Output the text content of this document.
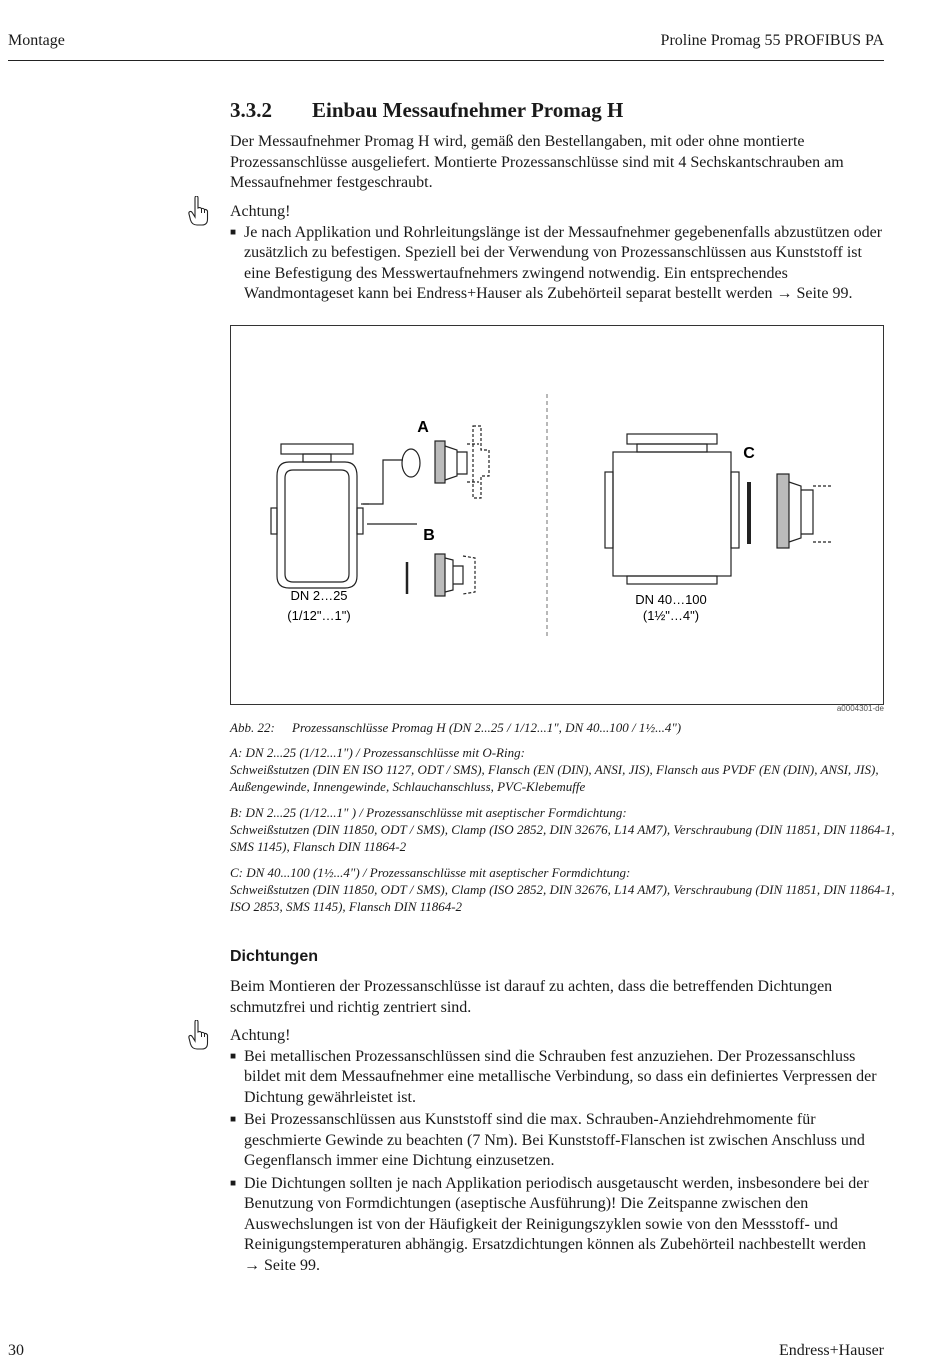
Montage	Proline Promag 55 PROFIBUS PA
3.3.2 Einbau Messaufnehmer Promag H
Der Messaufnehmer Promag H wird, gemäß den Bestellangaben, mit oder ohne montierte Prozessanschlüsse ausgeliefert. Montierte Prozessanschlüsse sind mit 4 Sechskantschrauben am Messaufnehmer festgeschraubt.
Achtung!
■ Je nach Applikation und Rohrleitungslänge ist der Messaufnehmer gegebenenfalls abzustützen oder zusätzlich zu befestigen. Speziell bei der Verwendung von Prozessanschlüssen aus Kunststoff ist eine Befestigung des Messwertaufnehmers zwingend notwendig. Ein entsprechendes Wandmontageset kann bei Endress+Hauser als Zubehörteil separat bestellt werden → Seite 99.
A
B
C
DN 2…25
(1/12"…1")
DN 40…100
(1½"…4")
a0004301-de
Abb. 22: Prozessanschlüsse Promag H (DN 2...25 / 1/12...1", DN 40...100 / 1½...4")
A: DN 2...25 (1/12...1") / Prozessanschlüsse mit O-Ring:
Schweißstutzen (DIN EN ISO 1127, ODT / SMS), Flansch (EN (DIN), ANSI, JIS), Flansch aus PVDF (EN (DIN), ANSI, JIS), Außengewinde, Innengewinde, Schlauchanschluss, PVC-Klebemuffe
B: DN 2...25 (1/12...1" ) / Prozessanschlüsse mit aseptischer Formdichtung:
Schweißstutzen (DIN 11850, ODT / SMS), Clamp (ISO 2852, DIN 32676, L14 AM7), Verschraubung (DIN 11851, DIN 11864-1, SMS 1145), Flansch DIN 11864-2
C: DN 40...100 (1½...4") / Prozessanschlüsse mit aseptischer Formdichtung:
Schweißstutzen (DIN 11850, ODT / SMS), Clamp (ISO 2852, DIN 32676, L14 AM7), Verschraubung (DIN 11851, DIN 11864-1, ISO 2853, SMS 1145), Flansch DIN 11864-2
Dichtungen
Beim Montieren der Prozessanschlüsse ist darauf zu achten, dass die betreffenden Dichtungen schmutzfrei und richtig zentriert sind.
Achtung!
■ Bei metallischen Prozessanschlüssen sind die Schrauben fest anzuziehen. Der Prozessanschluss bildet mit dem Messaufnehmer eine metallische Verbindung, so dass ein definiertes Verpressen der Dichtung gewährleistet ist.
■ Bei Prozessanschlüssen aus Kunststoff sind die max. Schrauben-Anziehdrehmomente für geschmierte Gewinde zu beachten (7 Nm). Bei Kunststoff-Flanschen ist zwischen Anschluss und Gegenflansch immer eine Dichtung einzusetzen.
■ Die Dichtungen sollten je nach Applikation periodisch ausgetauscht werden, insbesondere bei der Benutzung von Formdichtungen (aseptische Ausführung)! Die Zeitspanne zwischen den Auswechslungen ist von der Häufigkeit der Reinigungszyklen sowie von den Messstoff- und Reinigungstemperaturen abhängig. Ersatzdichtungen können als Zubehörteil nachbestellt werden → Seite 99.
30	Endress+Hauser
